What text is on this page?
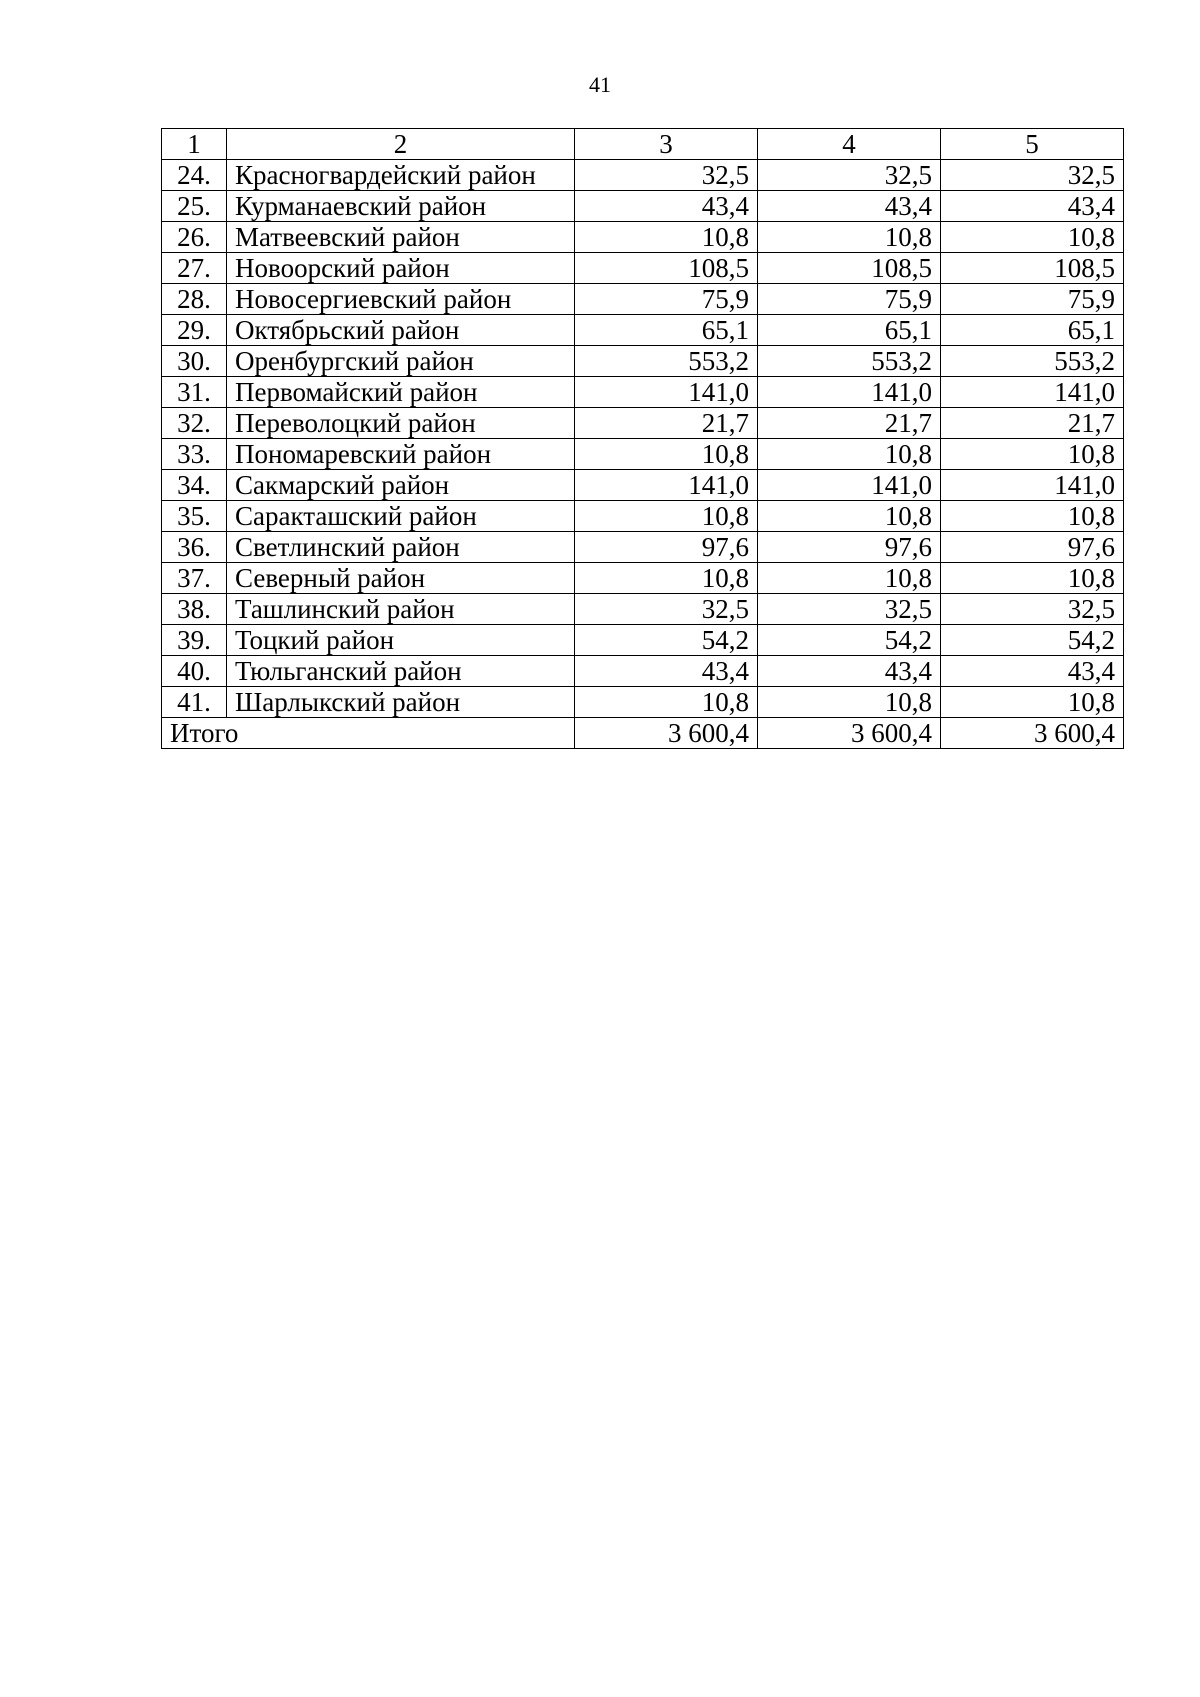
41
1	2	3	4	5
24.	Красногвардейский район	32,5	32,5	32,5
25.	Курманаевский район	43,4	43,4	43,4
26.	Матвеевский район	10,8	10,8	10,8
27.	Новоорский район	108,5	108,5	108,5
28.	Новосергиевский район	75,9	75,9	75,9
29.	Октябрьский район	65,1	65,1	65,1
30.	Оренбургский район	553,2	553,2	553,2
31.	Первомайский район	141,0	141,0	141,0
32.	Переволоцкий район	21,7	21,7	21,7
33.	Пономаревский район	10,8	10,8	10,8
34.	Сакмарский район	141,0	141,0	141,0
35.	Саракташский район	10,8	10,8	10,8
36.	Светлинский район	97,6	97,6	97,6
37.	Северный район	10,8	10,8	10,8
38.	Ташлинский район	32,5	32,5	32,5
39.	Тоцкий район	54,2	54,2	54,2
40.	Тюльганский район	43,4	43,4	43,4
41.	Шарлыкский район	10,8	10,8	10,8
Итого		3 600,4	3 600,4	3 600,4
